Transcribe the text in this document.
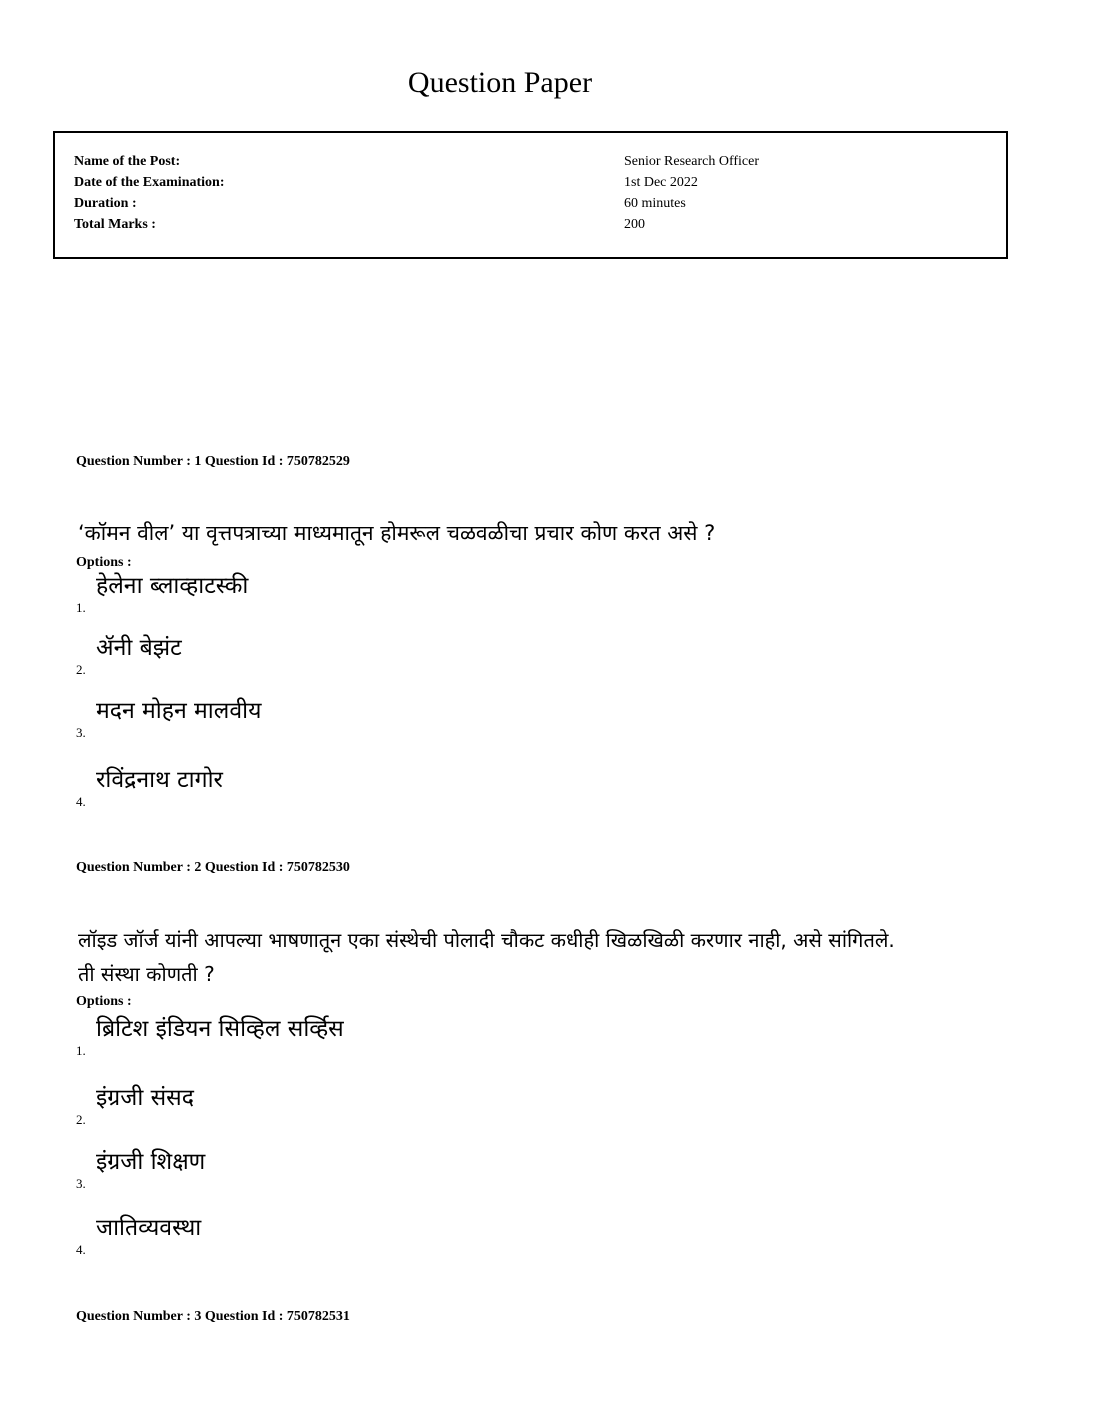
Question Paper
Name of the Post:	Senior Research Officer
Date of the Examination:	1st Dec 2022
Duration :	60 minutes
Total Marks :	200
Question Number : 1 Question Id : 750782529
‘कॉमन वील’ या वृत्तपत्राच्या माध्यमातून होमरूल चळवळीचा प्रचार कोण करत असे ?
Options :
1.
हेलेना ब्लाव्हाटस्की
2.
ॲनी बेझंट
3.
मदन मोहन मालवीय
4.
रविंद्रनाथ टागोर
Question Number : 2 Question Id : 750782530
लॉइड जॉर्ज यांनी आपल्या भाषणातून एका संस्थेची पोलादी चौकट कधीही खिळखिळी करणार नाही, असे सांगितले.
ती संस्था कोणती ?
Options :
1.
ब्रिटिश इंडियन सिव्हिल सर्व्हिस
2.
इंग्रजी संसद
3.
इंग्रजी शिक्षण
4.
जातिव्यवस्था
Question Number : 3 Question Id : 750782531
